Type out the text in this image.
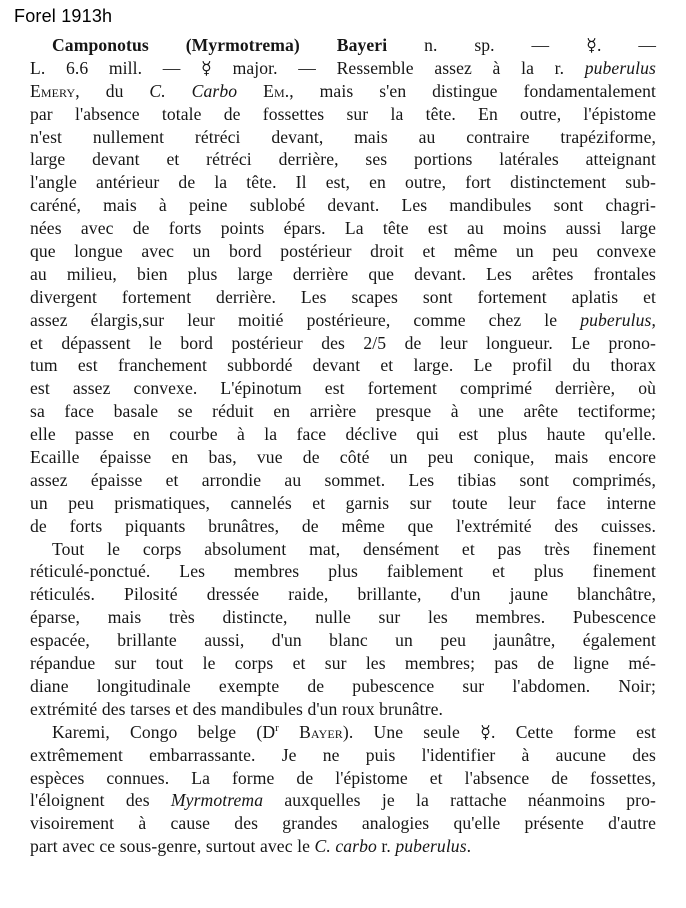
Forel 1913h
Camponotus (Myrmotrema) Bayeri n. sp. — ☿. —
L. 6.6 mill. — ☿ major. — Ressemble assez à la r. puberulus
Emery, du C. Carbo Em., mais s'en distingue fondamentalement
par l'absence totale de fossettes sur la tête. En outre, l'épistome
n'est nullement rétréci devant, mais au contraire trapéziforme,
large devant et rétréci derrière, ses portions latérales atteignant
l'angle antérieur de la tête. Il est, en outre, fort distinctement sub-
caréné, mais à peine sublobé devant. Les mandibules sont chagri-
nées avec de forts points épars. La tête est au moins aussi large
que longue avec un bord postérieur droit et même un peu convexe
au milieu, bien plus large derrière que devant. Les arêtes frontales
divergent fortement derrière. Les scapes sont fortement aplatis et
assez élargis,sur leur moitié postérieure, comme chez le puberulus,
et dépassent le bord postérieur des 2/5 de leur longueur. Le prono-
tum est franchement subbordé devant et large. Le profil du thorax
est assez convexe. L'épinotum est fortement comprimé derrière, où
sa face basale se réduit en arrière presque à une arête tectiforme;
elle passe en courbe à la face déclive qui est plus haute qu'elle.
Ecaille épaisse en bas, vue de côté un peu conique, mais encore
assez épaisse et arrondie au sommet. Les tibias sont comprimés,
un peu prismatiques, cannelés et garnis sur toute leur face interne
de forts piquants brunâtres, de même que l'extrémité des cuisses.
Tout le corps absolument mat, densément et pas très finement
réticulé-ponctué. Les membres plus faiblement et plus finement
réticulés. Pilosité dressée raide, brillante, d'un jaune blanchâtre,
éparse, mais très distincte, nulle sur les membres. Pubescence
espacée, brillante aussi, d'un blanc un peu jaunâtre, également
répandue sur tout le corps et sur les membres; pas de ligne mé-
diane longitudinale exempte de pubescence sur l'abdomen. Noir;
extrémité des tarses et des mandibules d'un roux brunâtre.
Karemi, Congo belge ($D^r$ Bayer). Une seule ☿. Cette forme est
extrêmement embarrassante. Je ne puis l'identifier à aucune des
espèces connues. La forme de l'épistome et l'absence de fossettes,
l'éloignent des Myrmotrema auxquelles je la rattache néanmoins pro-
visoirement à cause des grandes analogies qu'elle présente d'autre
part avec ce sous-genre, surtout avec le C. carbo r. puberulus.
